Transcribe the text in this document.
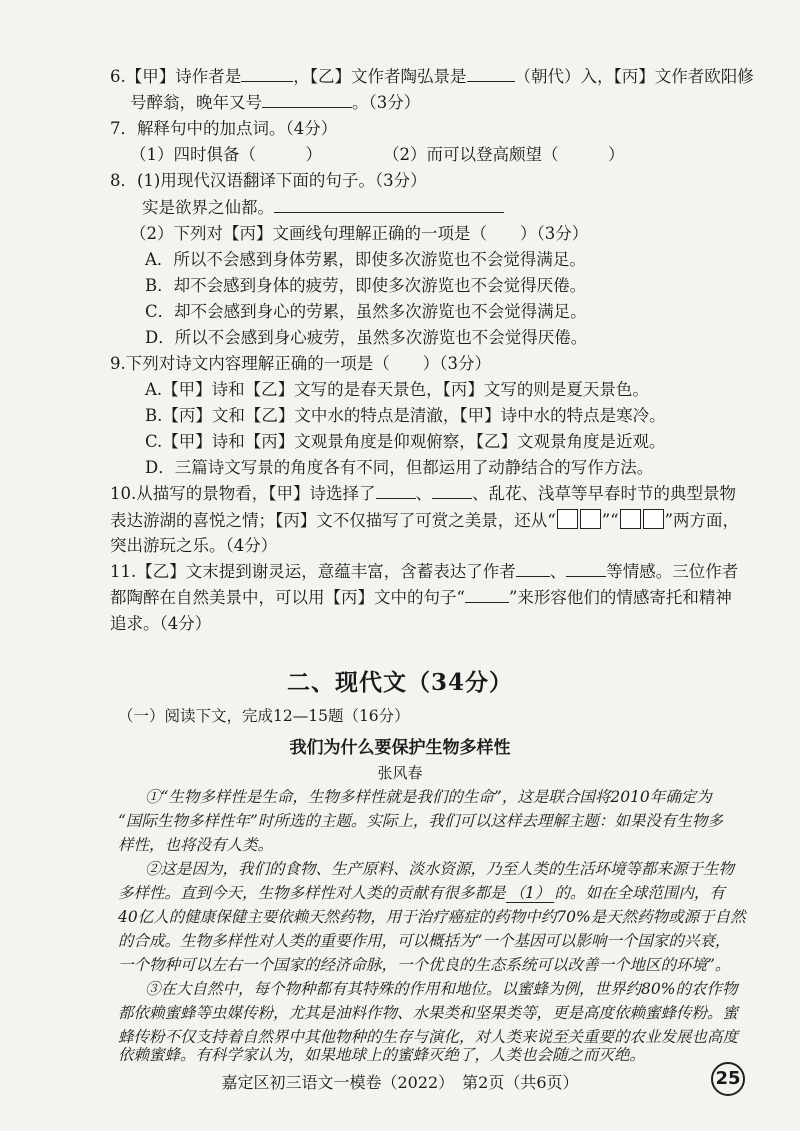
6.【甲】诗作者是	，【乙】文作者陶弘景是	（朝代）入，【丙】文作者欧阳修
号醉翁，晚年又号	。（3分）
7．解释句中的加点词。（4分）
（1）四时俱备（　　　）	（2）而可以登高颇望（　　　）
8．(1)用现代汉语翻译下面的句子。（3分）
实是欲界之仙都。
（2）下列对【丙】文画线句理解正确的一项是（　　）（3分）
A．所以不会感到身体劳累，即使多次游览也不会觉得满足。
B．却不会感到身体的疲劳，即使多次游览也不会觉得厌倦。
C．却不会感到身心的劳累，虽然多次游览也不会觉得满足。
D．所以不会感到身心疲劳，虽然多次游览也不会觉得厌倦。
9.下列对诗文内容理解正确的一项是（　　）（3分）
A.【甲】诗和【乙】文写的是春天景色，【丙】文写的则是夏天景色。
B.【丙】文和【乙】文中水的特点是清澈，【甲】诗中水的特点是寒冷。
C.【甲】诗和【丙】文观景角度是仰观俯察，【乙】文观景角度是近观。
D．三篇诗文写景的角度各有不同，但都运用了动静结合的写作方法。
10.从描写的景物看，【甲】诗选择了 、 、乱花、浅草等早春时节的典型景物
表达游湖的喜悦之情；【丙】文不仅描写了可赏之美景，还从“	”“	”两方面，
突出游玩之乐。（4分）
11.【乙】文末提到谢灵运，意蕴丰富，含蓄表达了作者 、 等情感。三位作者
都陶醉在自然美景中，可以用【丙】文中的句子“	”来形容他们的情感寄托和精神
追求。（4分）
二、现代文（34分）
（一）阅读下文，完成12—15题（16分）
我们为什么要保护生物多样性
张风春
①“生物多样性是生命，生物多样性就是我们的生命”，这是联合国将2010年确定为
“国际生物多样性年”时所选的主题。实际上，我们可以这样去理解主题：如果没有生物多
样性，也将没有人类。
②这是因为，我们的食物、生产原料、淡水资源，乃至人类的生活环境等都来源于生物
多样性。直到今天，生物多样性对人类的贡献有很多都是 （1） 的。如在全球范围内，有
40亿人的健康保健主要依赖天然药物，用于治疗癌症的药物中约70%是天然药物或源于自然
的合成。生物多样性对人类的重要作用，可以概括为“一个基因可以影响一个国家的兴衰，
一个物种可以左右一个国家的经济命脉，一个优良的生态系统可以改善一个地区的环境”。
③在大自然中，每个物种都有其特殊的作用和地位。以蜜蜂为例，世界约80%的农作物
都依赖蜜蜂等虫媒传粉，尤其是油料作物、水果类和坚果类等，更是高度依赖蜜蜂传粉。蜜
蜂传粉不仅支持着自然界中其他物种的生存与演化，对人类来说至关重要的农业发展也高度
依赖蜜蜂。有科学家认为，如果地球上的蜜蜂灭绝了，人类也会随之而灭绝。
嘉定区初三语文一模卷（2022）　第2页（共6页）	25
